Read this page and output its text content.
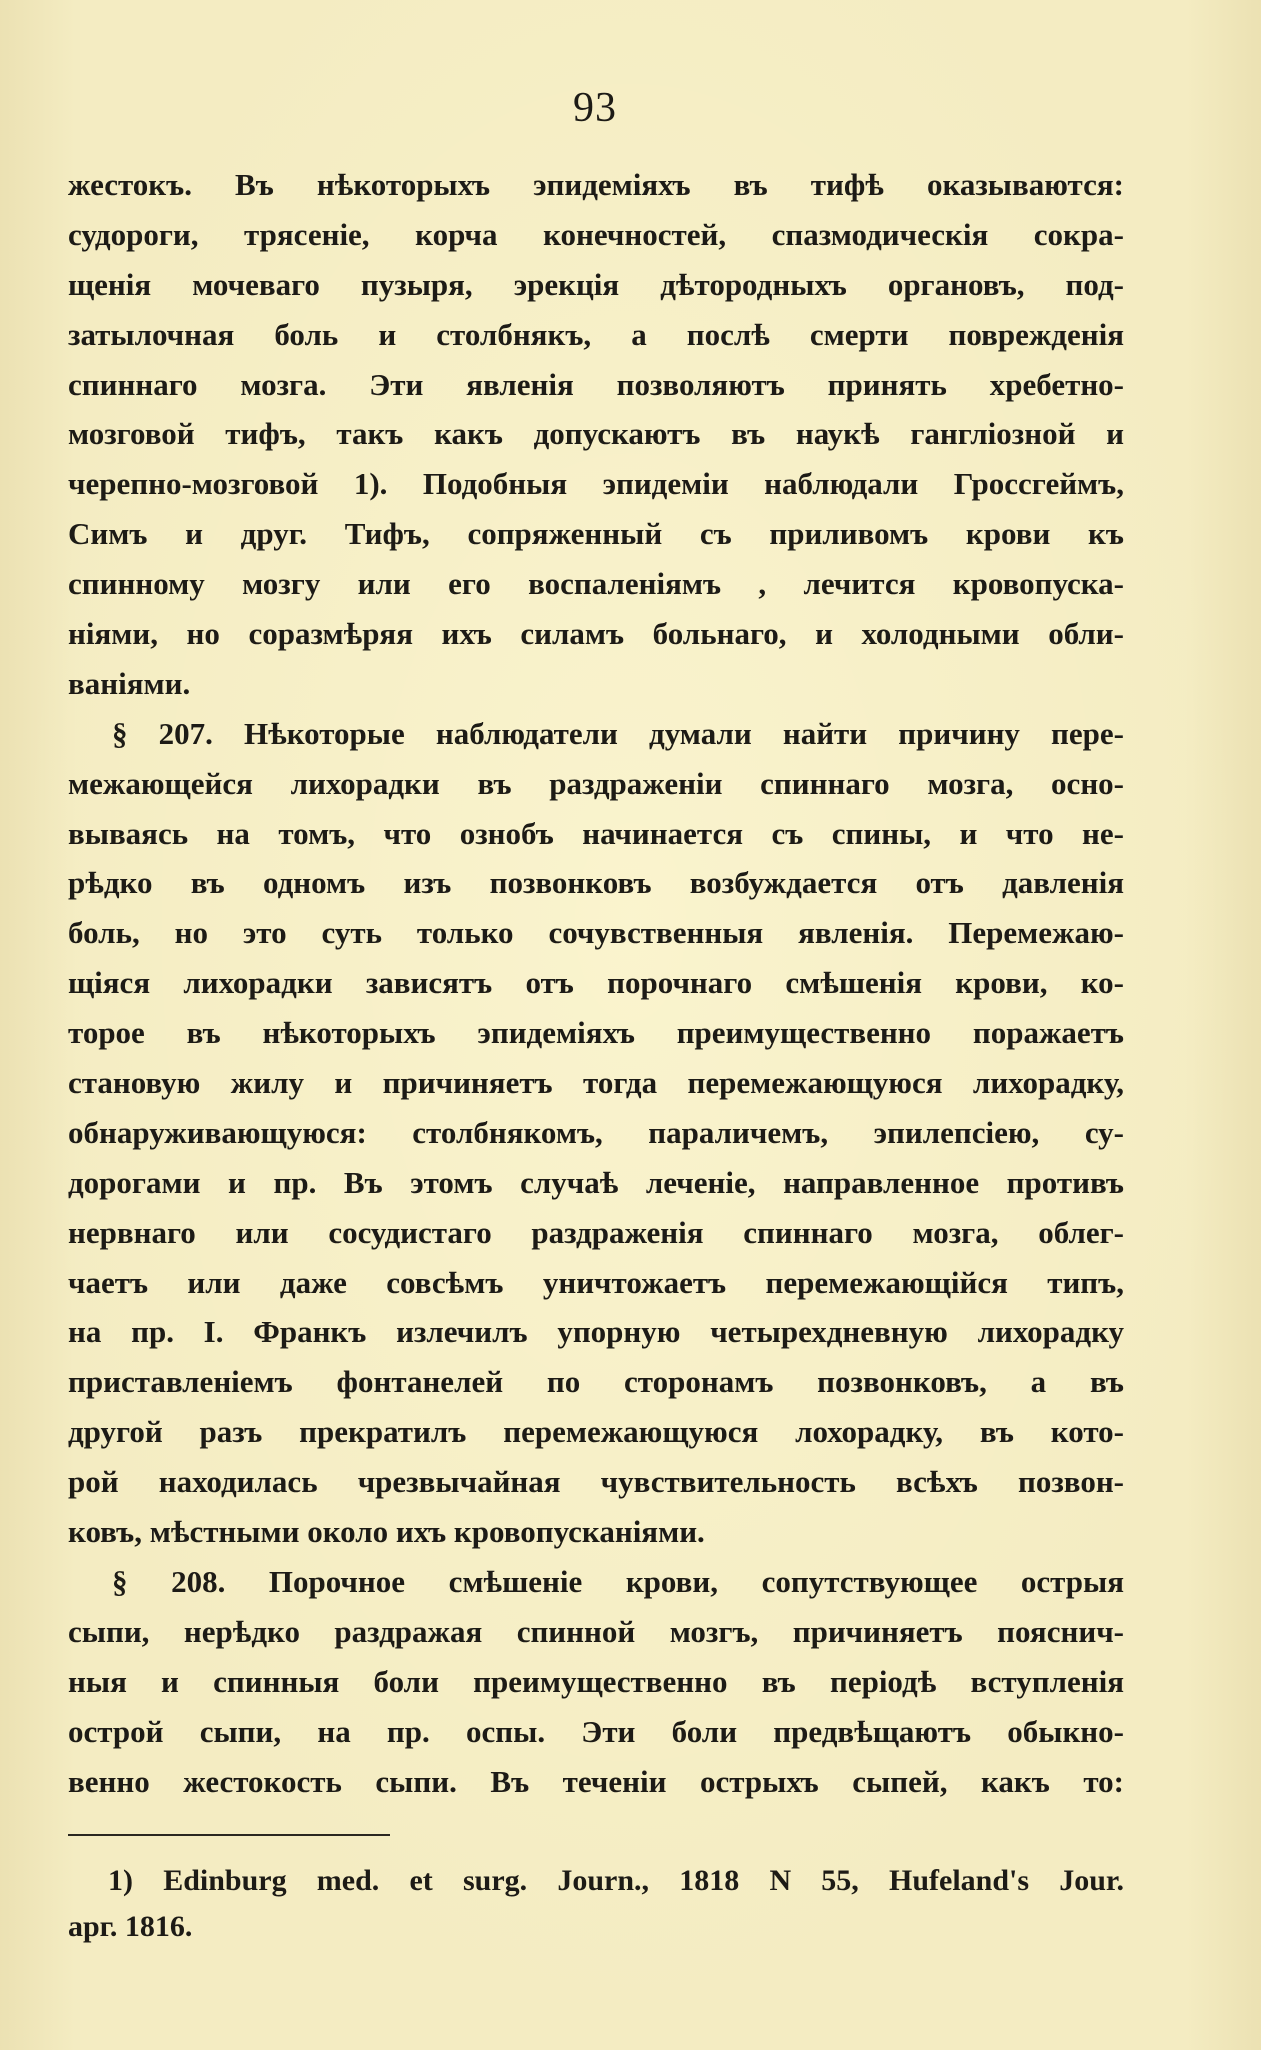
93
жестокъ. Въ нѣкоторыхъ эпидеміяхъ въ тифѣ оказываются:
судороги, трясеніе, корча конечностей, спазмодическія сокра-
щенія мочеваго пузыря, эрекція дѣтородныхъ органовъ, под-
затылочная боль и столбнякъ, а послѣ смерти поврежденія
спиннаго мозга. Эти явленія позволяютъ принять хребетно-
мозговой тифъ, такъ какъ допускаютъ въ наукѣ ганглiозной и
черепно-мозговой 1). Подобныя эпидеміи наблюдали Гроссгеймъ,
Симъ и друг. Тифъ, сопряженный съ приливомъ крови къ
спинному мозгу или его воспаленіямъ , лечится кровопуска-
ніями, но соразмѣряя ихъ силамъ больнаго, и холодными обли-
ваніями.
§ 207. Нѣкоторые наблюдатели думали найти причину пере-
межающейся лихорадки въ раздраженіи спиннаго мозга, осно-
вываясь на томъ, что ознобъ начинается съ спины, и что не-
рѣдко въ одномъ изъ позвонковъ возбуждается отъ давленія
боль, но это суть только сочувственныя явленія. Перемежаю-
щіяся лихорадки зависятъ отъ порочнаго смѣшенія крови, ко-
торое въ нѣкоторыхъ эпидеміяхъ преимущественно поражаетъ
становую жилу и причиняетъ тогда перемежающуюся лихорадку,
обнаруживающуюся: столбнякомъ, параличемъ, эпилепсіею, су-
дорогами и пр. Въ этомъ случаѣ леченіе, направленное противъ
нервнаго или сосудистаго раздраженія спиннаго мозга, облег-
чаетъ или даже совсѣмъ уничтожаетъ перемежающійся типъ,
на пр. I. Франкъ излечилъ упорную четырехдневную лихорадку
приставленіемъ фонтанелей по сторонамъ позвонковъ, а въ
другой разъ прекратилъ перемежающуюся лохорадку, въ кото-
рой находилась чрезвычайная чувствительность всѣхъ позвон-
ковъ, мѣстными около ихъ кровопусканіями.
§ 208. Порочное смѣшеніе крови, сопутствующее острыя
сыпи, нерѣдко раздражая спинной мозгъ, причиняетъ пояснич-
ныя и спинныя боли преимущественно въ періодѣ вступленія
острой сыпи, на пр. оспы. Эти боли предвѣщаютъ обыкно-
венно жестокость сыпи. Въ теченіи острыхъ сыпей, какъ то:
1) Edinburg med. et surg. Journ., 1818 N 55, Hufeland's Jour.
арг. 1816.
